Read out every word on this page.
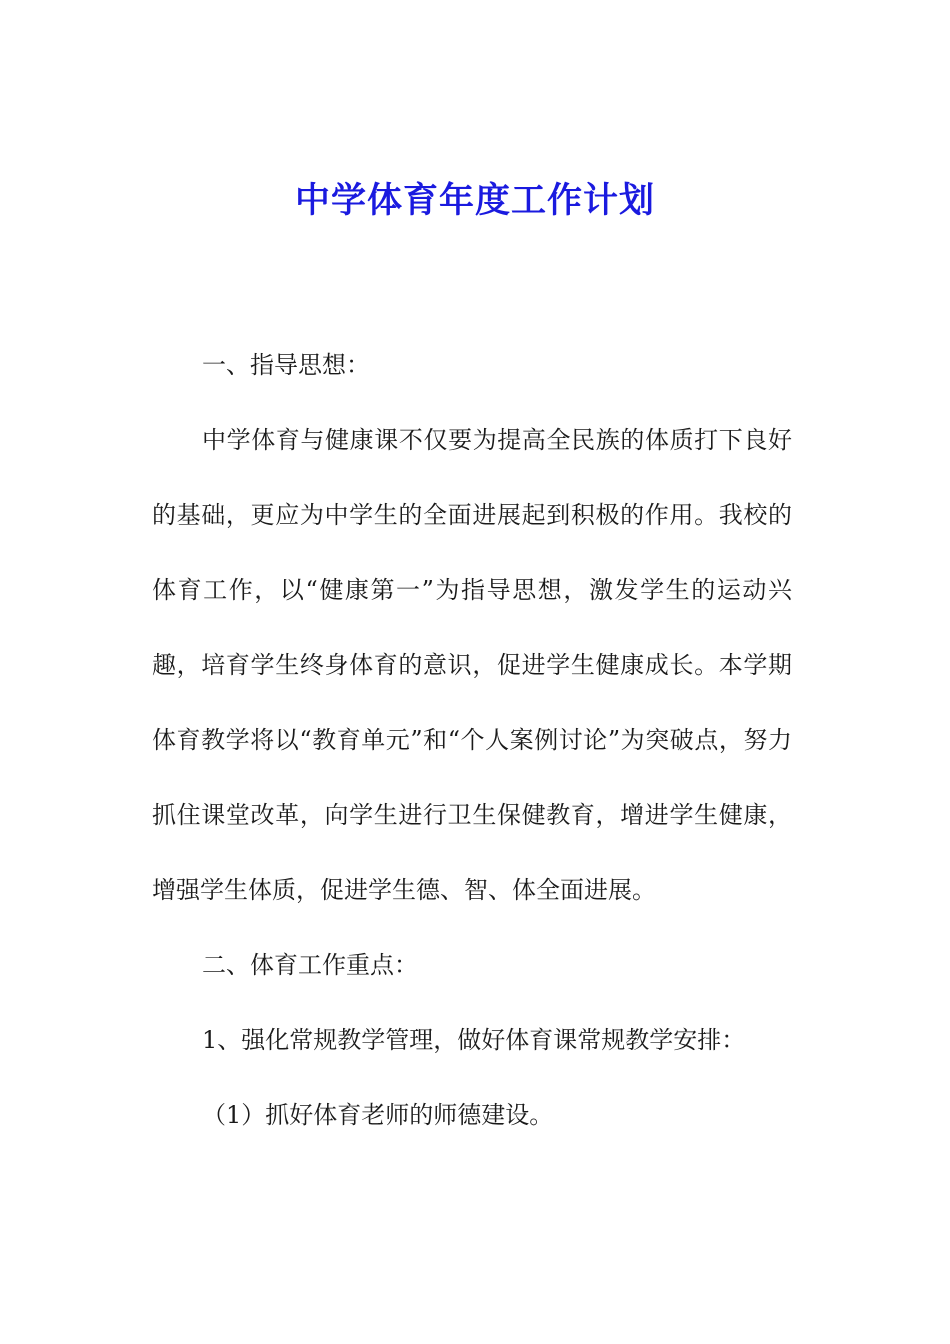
中学体育年度工作计划

一、指导思想：

中学体育与健康课不仅要为提高全民族的体质打下良好的基础，更应为中学生的全面进展起到积极的作用。我校的体育工作，以“健康第一”为指导思想，激发学生的运动兴趣，培育学生终身体育的意识，促进学生健康成长。本学期体育教学将以“教育单元”和“个人案例讨论”为突破点，努力抓住课堂改革，向学生进行卫生保健教育，增进学生健康，增强学生体质，促进学生德、智、体全面进展。

二、体育工作重点：

1、强化常规教学管理，做好体育课常规教学安排：

（1）抓好体育老师的师德建设。
